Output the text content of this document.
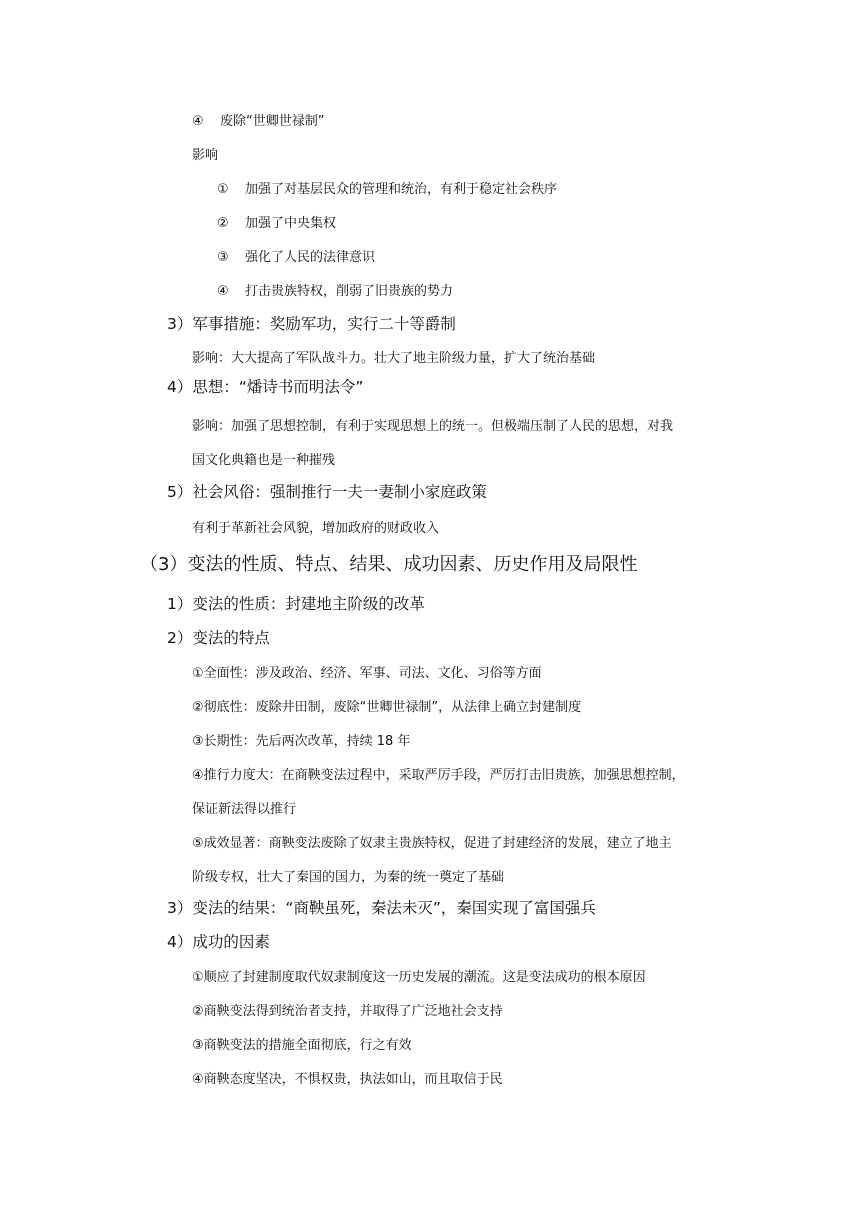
④ 废除“世卿世禄制”
影响
① 加强了对基层民众的管理和统治，有利于稳定社会秩序
② 加强了中央集权
③ 强化了人民的法律意识
④ 打击贵族特权，削弱了旧贵族的势力
3）军事措施：奖励军功，实行二十等爵制
影响：大大提高了军队战斗力。壮大了地主阶级力量，扩大了统治基础
4）思想：“燔诗书而明法令”
影响：加强了思想控制，有利于实现思想上的统一。但极端压制了人民的思想，对我
国文化典籍也是一种摧残
5）社会风俗：强制推行一夫一妻制小家庭政策
有利于革新社会风貌，增加政府的财政收入
（3）变法的性质、特点、结果、成功因素、历史作用及局限性
1）变法的性质：封建地主阶级的改革
2）变法的特点
①全面性：涉及政治、经济、军事、司法、文化、习俗等方面
②彻底性：废除井田制，废除“世卿世禄制”，从法律上确立封建制度
③长期性：先后两次改革，持续 18 年
④推行力度大：在商鞅变法过程中，采取严厉手段，严厉打击旧贵族，加强思想控制，
保证新法得以推行
⑤成效显著：商鞅变法废除了奴隶主贵族特权，促进了封建经济的发展，建立了地主
阶级专权，壮大了秦国的国力，为秦的统一奠定了基础
3）变法的结果：“商鞅虽死，秦法未灭”，秦国实现了富国强兵
4）成功的因素
①顺应了封建制度取代奴隶制度这一历史发展的潮流。这是变法成功的根本原因
②商鞅变法得到统治者支持，并取得了广泛地社会支持
③商鞅变法的措施全面彻底，行之有效
④商鞅态度坚决，不惧权贵，执法如山，而且取信于民
